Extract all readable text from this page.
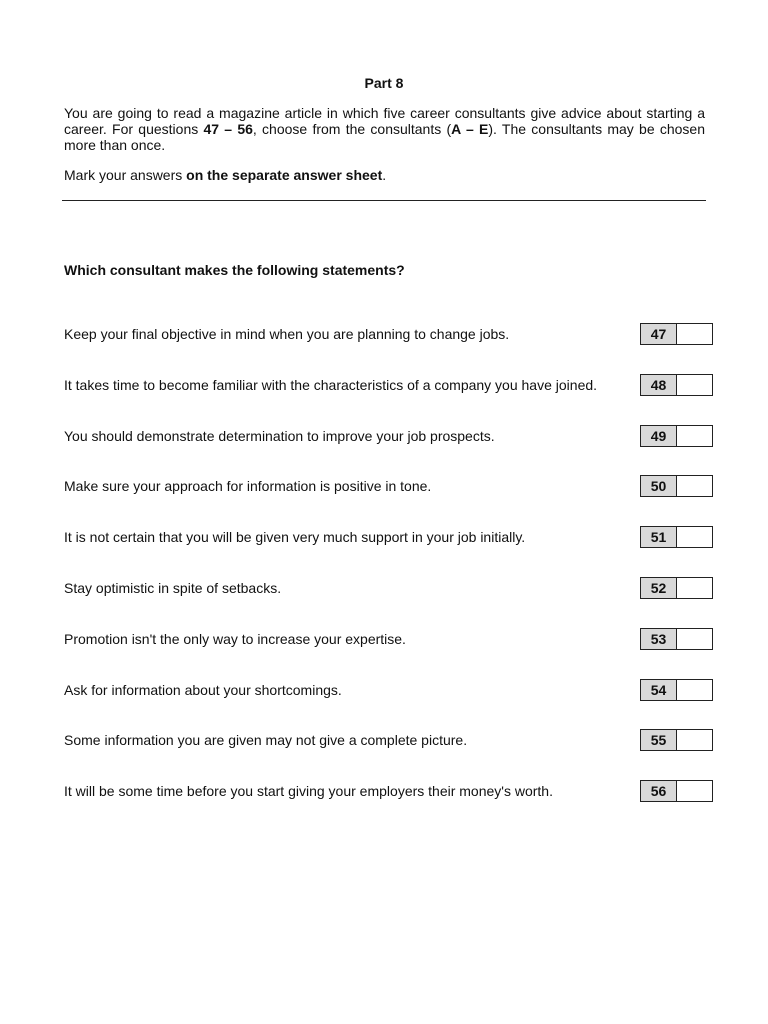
Part 8

You are going to read a magazine article in which five career consultants give advice about starting a career. For questions 47 – 56, choose from the consultants (A – E). The consultants may be chosen more than once.

Mark your answers on the separate answer sheet.

Which consultant makes the following statements?

Keep your final objective in mind when you are planning to change jobs.	47
It takes time to become familiar with the characteristics of a company you have joined.	48
You should demonstrate determination to improve your job prospects.	49
Make sure your approach for information is positive in tone.	50
It is not certain that you will be given very much support in your job initially.	51
Stay optimistic in spite of setbacks.	52
Promotion isn't the only way to increase your expertise.	53
Ask for information about your shortcomings.	54
Some information you are given may not give a complete picture.	55
It will be some time before you start giving your employers their money's worth.	56
